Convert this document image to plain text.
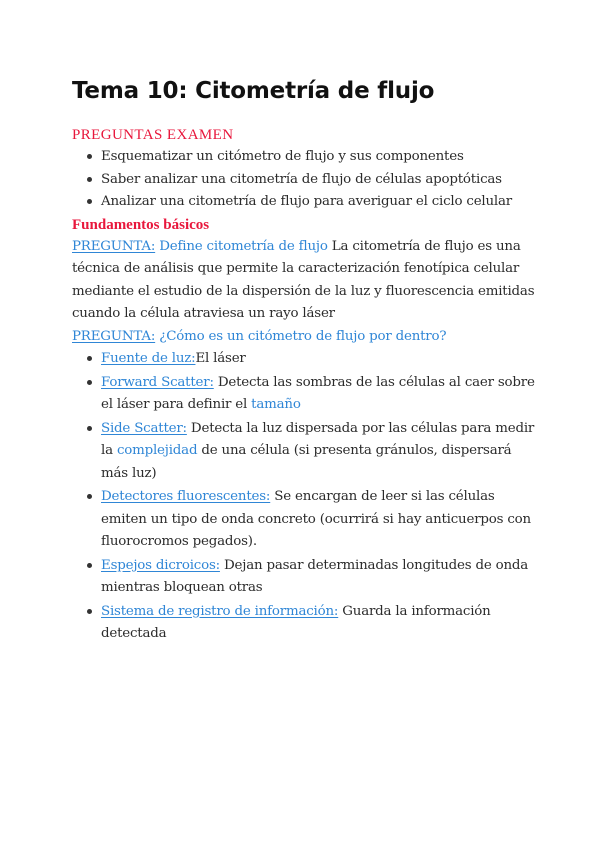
Tema 10: Citometría de flujo

PREGUNTAS EXAMEN

Esquematizar un citómetro de flujo y sus componentes
Saber analizar una citometría de flujo de células apoptóticas
Analizar una citometría de flujo para averiguar el ciclo celular

Fundamentos básicos

PREGUNTA: Define citometría de flujo La citometría de flujo es una técnica de análisis que permite la caracterización fenotípica celular mediante el estudio de la dispersión de la luz y fluorescencia emitidas cuando la célula atraviesa un rayo láser

PREGUNTA: ¿Cómo es un citómetro de flujo por dentro?

Fuente de luz:El láser
Forward Scatter: Detecta las sombras de las células al caer sobre el láser para definir el tamaño
Side Scatter: Detecta la luz dispersada por las células para medir la complejidad de una célula (si presenta gránulos, dispersará más luz)
Detectores fluorescentes: Se encargan de leer si las células emiten un tipo de onda concreto (ocurrirá si hay anticuerpos con fluorocromos pegados).
Espejos dicroicos: Dejan pasar determinadas longitudes de onda mientras bloquean otras
Sistema de registro de información: Guarda la información detectada
